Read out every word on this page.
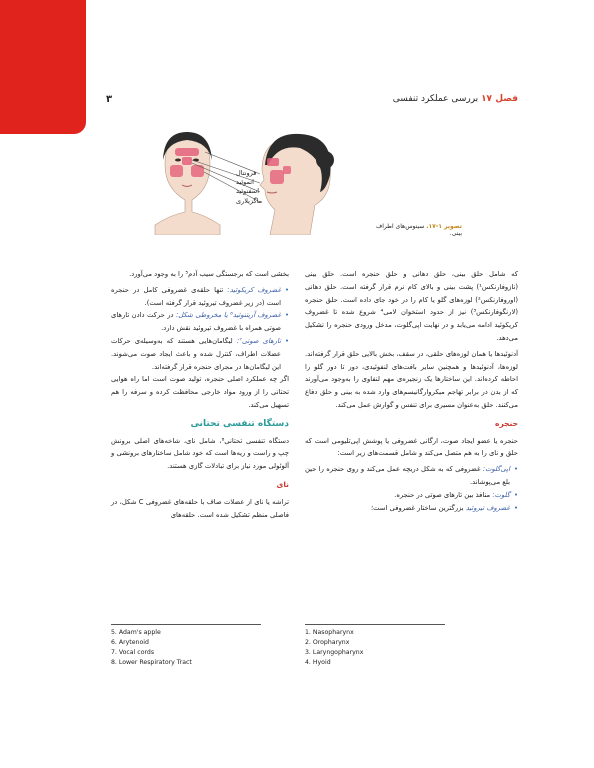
۳	فصل ۱۷ بررسی عملکرد تنفسی
فرونتال
اتموئید
اسفنوئید
ماگزیلاری
تصویر ۱-۱۷. سینوس‌های اطراف بینی.

که شامل حلق بینی، حلق دهانی و حلق حنجره است. حلق بینی (نازوفارنکس¹) پشت بینی و بالای کام نرم قرار گرفته است. حلق دهانی (اوروفارنکس²) لوزه‌های گلو یا کام را در خود جای داده است. حلق حنجره (لارنگوفارنکس³) نیز از حدود استخوان لامی⁴ شروع شده تا غضروف کریکوئید ادامه می‌یابد و در نهایت اپی‌گلوت، مدخل ورودی حنجره را تشکیل می‌دهد.

آدنوئیدها یا همان لوزه‌های حلقی، در سقف، بخش بالایی حلق قرار گرفته‌اند. لوزه‌ها، آدنوئیدها و همچنین سایر بافت‌های لنفوئیدی، دور تا دور گلو را احاطه کرده‌اند. این ساختارها یک زنجیره‌ی مهم لنفاوی را به‌وجود می‌آورند که از بدن در برابر تهاجم میکروارگانیسم‌های وارد شده به بینی و حلق دفاع می‌کنند. حلق به‌عنوان مسیری برای تنفس و گوارش عمل می‌کند.

حنجره

حنجره یا عضو ایجاد صوت، ارگانی غضروفی یا پوشش اپی‌تلیومی است که حلق و نای را به هم متصل می‌کند و شامل قسمت‌های زیر است:

• اپی‌گلوت: غضروفی که به شکل دریچه عمل می‌کند و روی حنجره را حین بلع می‌پوشاند.
• گلوت: منافذ بین تارهای صوتی در حنجره.
• غضروف تیروئید بزرگترین ساختار غضروفی است؛

بخشی است که برجستگی سیب آدم⁵ را به وجود می‌آورد.

• غضروف کریکوئید: تنها حلقه‌ی غضروفی کامل در حنجره است (در زیر غضروف تیروئید قرار گرفته است).
• غضروف آریتنوئید⁶ یا مخروطی شکل: در حرکت دادن تارهای صوتی همراه با غضروف تیروئید نقش دارد.
• تارهای صوتی⁷: لیگامان‌هایی هستند که به‌وسیله‌ی حرکات عضلات اطراف، کنترل شده و باعث ایجاد صوت می‌شوند. این لیگامان‌ها در مجرای حنجره قرار گرفته‌اند.

اگر چه عملکرد اصلی حنجره، تولید صوت است اما راه هوایی تحتانی را از ورود مواد خارجی محافظت کرده و سرفه را هم تسهیل می‌کند.

دستگاه تنفسی تحتانی

دستگاه تنفسی تحتانی⁸، شامل نای، شاخه‌های اصلی برونش چپ و راست و ریه‌ها است که خود شامل ساختارهای برونشی و آلوئولی مورد نیاز برای تبادلات گازی هستند.

نای

تراشه یا نای از عضلات صاف با حلقه‌های غضروفی C شکل، در فاصلی منظم تشکیل شده است. حلقه‌های

5. Adam's apple
6. Arytenoid
7. Vocal cords
8. Lower Respiratory Tract
1. Nasopharynx
2. Oropharynx
3. Laryngopharynx
4. Hyoid
